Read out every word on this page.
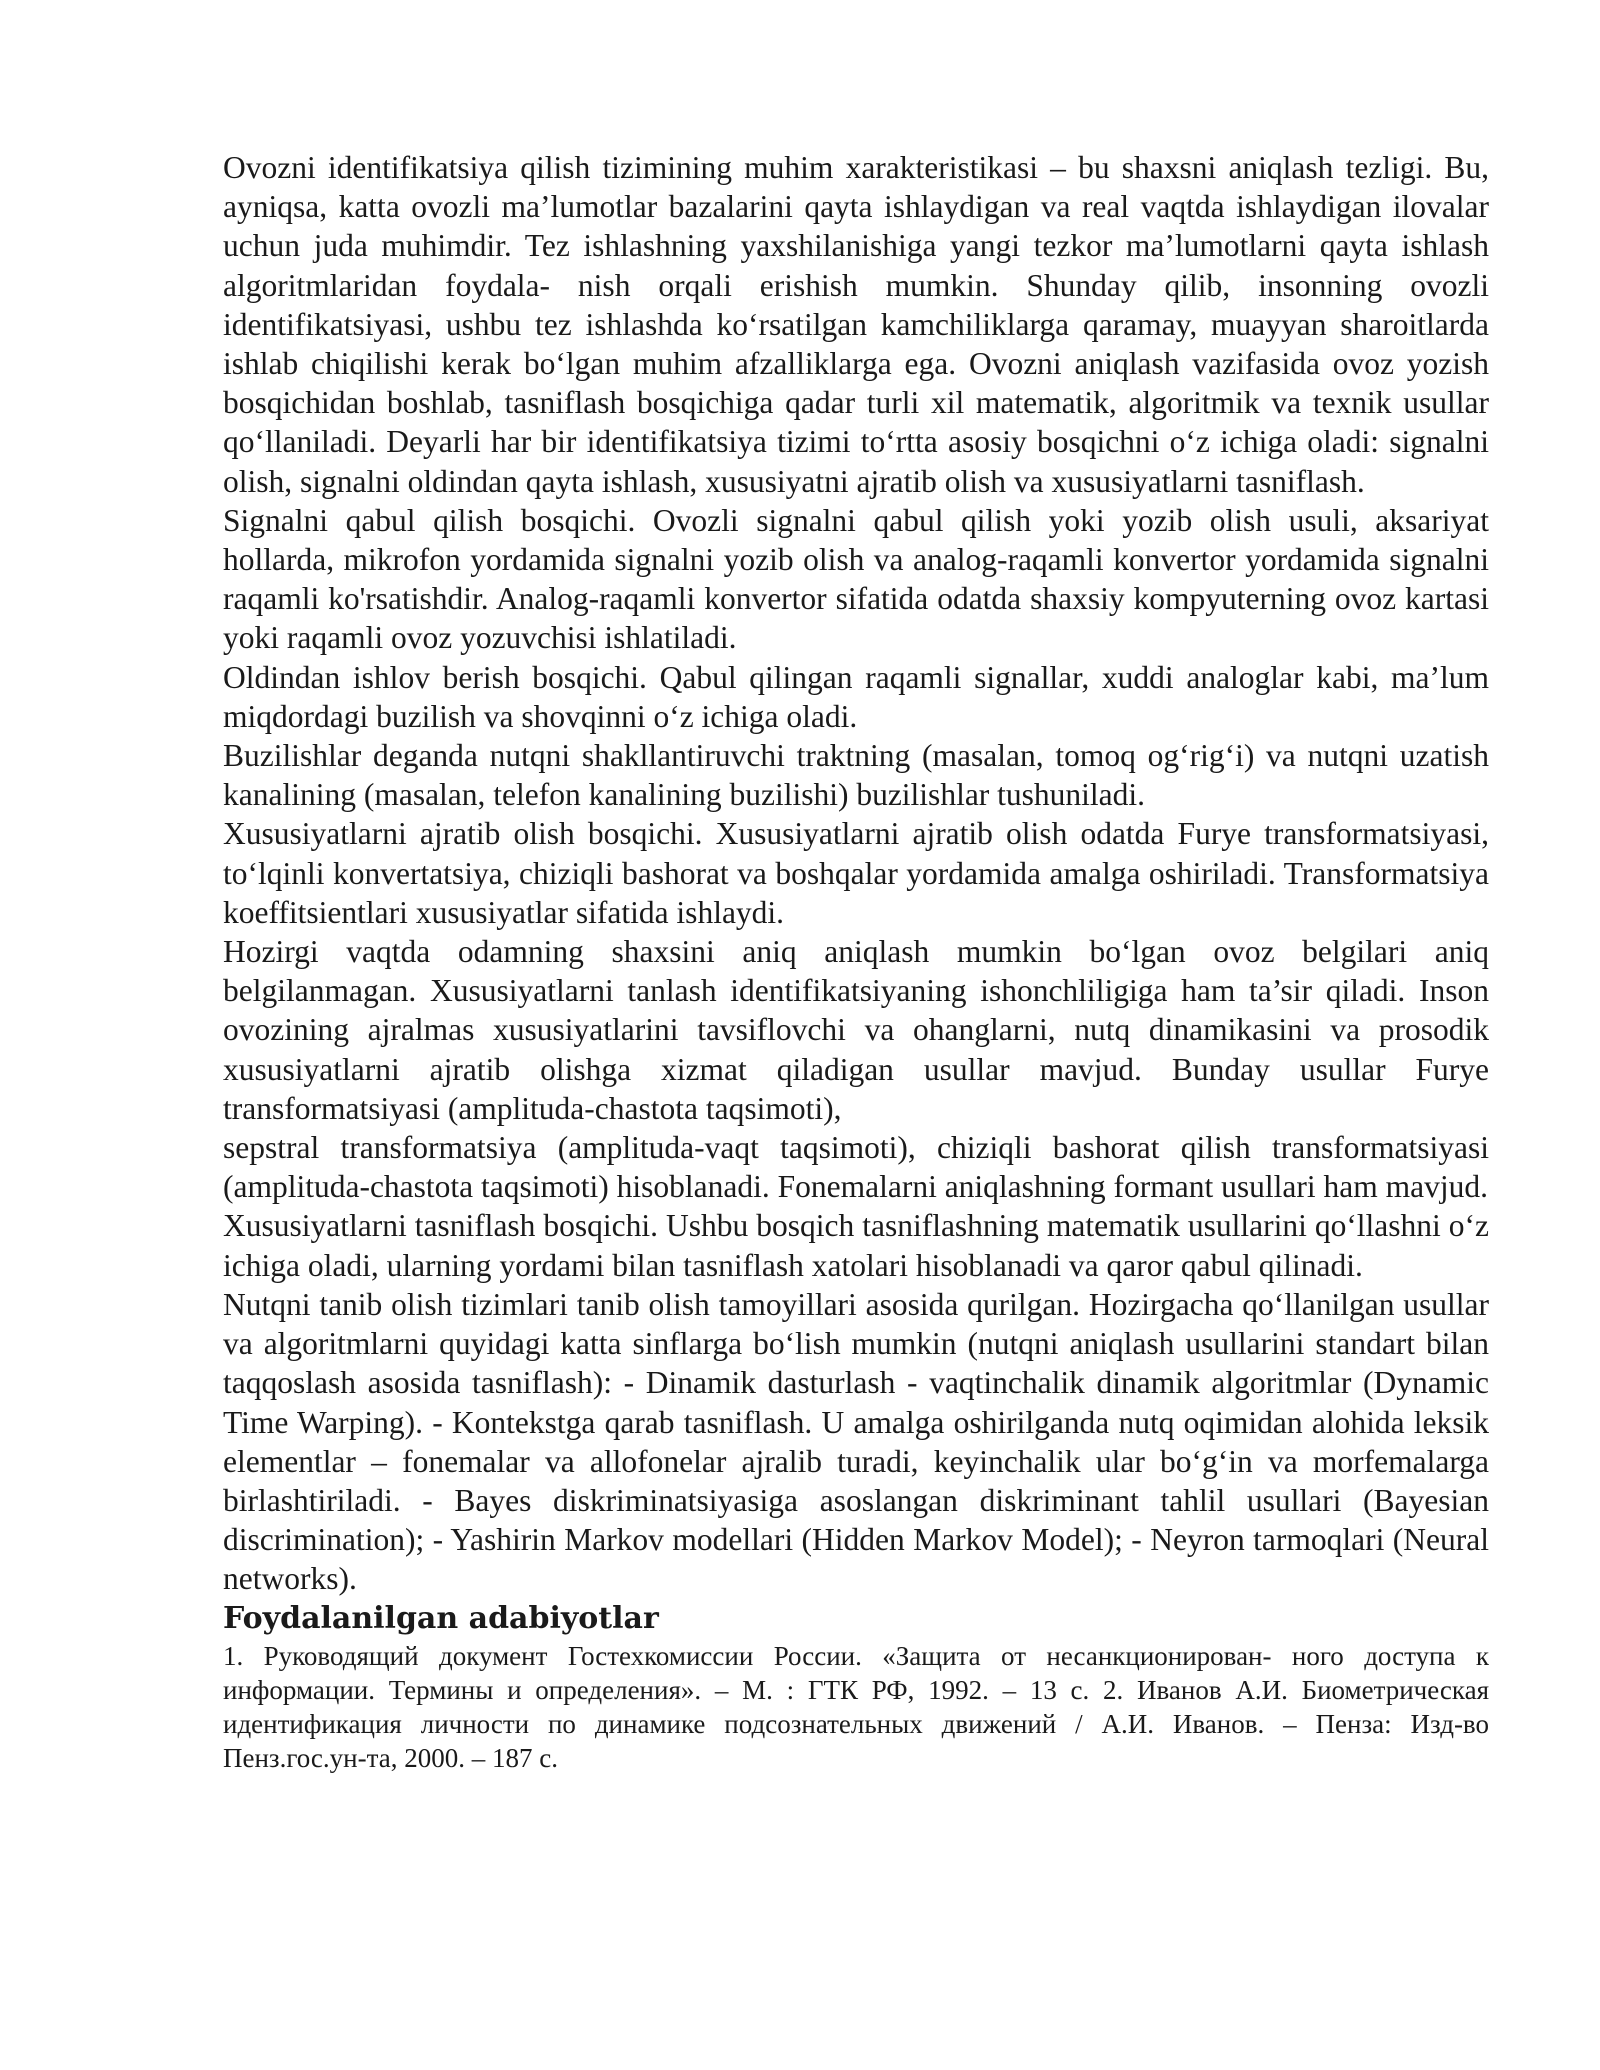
Ovozni identifikatsiya qilish tizimining muhim xarakteristikasi – bu shaxsni aniqlash tezligi. Bu, ayniqsa, katta ovozli ma’lumotlar bazalarini qayta ishlaydigan va real vaqtda ishlaydigan ilovalar uchun juda muhimdir. Tez ishlashning yaxshilanishiga yangi tezkor ma’lumotlarni qayta ishlash algoritmlaridan foydala- nish orqali erishish mumkin. Shunday qilib, insonning ovozli identifikatsiyasi, ushbu tez ishlashda koʻrsatilgan kamchiliklarga qaramay, muayyan sharoitlarda ishlab chiqilishi kerak boʻlgan muhim afzalliklarga ega. Ovozni aniqlash vazifasida ovoz yozish bosqichidan boshlab, tasniflash bosqichiga qadar turli xil matematik, algoritmik va texnik usullar qoʻllaniladi. Deyarli har bir identifikatsiya tizimi toʻrtta asosiy bosqichni oʻz ichiga oladi: signalni olish, signalni oldindan qayta ishlash, xususiyatni ajratib olish va xususiyatlarni tasniflash.

Signalni qabul qilish bosqichi. Ovozli signalni qabul qilish yoki yozib olish usuli, aksariyat hollarda, mikrofon yordamida signalni yozib olish va analog-raqamli konvertor yordamida signalni raqamli ko'rsatishdir. Analog-raqamli konvertor sifatida odatda shaxsiy kompyuterning ovoz kartasi yoki raqamli ovoz yozuvchisi ishlatiladi.

Oldindan ishlov berish bosqichi. Qabul qilingan raqamli signallar, xuddi analoglar kabi, ma’lum miqdordagi buzilish va shovqinni oʻz ichiga oladi.

Buzilishlar deganda nutqni shakllantiruvchi traktning (masalan, tomoq ogʻrigʻi) va nutqni uzatish kanalining (masalan, telefon kanalining buzilishi) buzilishlar tushuniladi.

Xususiyatlarni ajratib olish bosqichi. Xususiyatlarni ajratib olish odatda Furye transformatsiyasi, toʻlqinli konvertatsiya, chiziqli bashorat va boshqalar yordamida amalga oshiriladi. Transformatsiya koeffitsientlari xususiyatlar sifatida ishlaydi.

Hozirgi vaqtda odamning shaxsini aniq aniqlash mumkin boʻlgan ovoz belgilari aniq belgilanmagan. Xususiyatlarni tanlash identifikatsiyaning ishonchliligiga ham ta’sir qiladi. Inson ovozining ajralmas xususiyatlarini tavsiflovchi va ohanglarni, nutq dinamikasini va prosodik xususiyatlarni ajratib olishga xizmat qiladigan usullar mavjud. Bunday usullar Furye transformatsiyasi (amplituda-chastota taqsimoti),

sepstral transformatsiya (amplituda-vaqt taqsimoti), chiziqli bashorat qilish transformatsiyasi (amplituda-chastota taqsimoti) hisoblanadi. Fonemalarni aniqlashning formant usullari ham mavjud.

Xususiyatlarni tasniflash bosqichi. Ushbu bosqich tasniflashning matematik usullarini qoʻllashni oʻz ichiga oladi, ularning yordami bilan tasniflash xatolari hisoblanadi va qaror qabul qilinadi.

Nutqni tanib olish tizimlari tanib olish tamoyillari asosida qurilgan. Hozirgacha qoʻllanilgan usullar va algoritmlarni quyidagi katta sinflarga boʻlish mumkin (nutqni aniqlash usullarini standart bilan taqqoslash asosida tasniflash): - Dinamik dasturlash - vaqtinchalik dinamik algoritmlar (Dynamic Time Warping). - Kontekstga qarab tasniflash. U amalga oshirilganda nutq oqimidan alohida leksik elementlar – fonemalar va allofonelar ajralib turadi, keyinchalik ular boʻgʻin va morfemalarga birlashtiriladi. - Bayes diskriminatsiyasiga asoslangan diskriminant tahlil usullari (Bayesian discrimination); - Yashirin Markov modellari (Hidden Markov Model); - Neyron tarmoqlari (Neural networks).

Foydalanilgan adabiyotlar

1. Руководящий документ Гостехкомиссии России. «Защита от несанкционирован- ного доступа к информации. Термины и определения». – М. : ГТК РФ, 1992. – 13 с. 2. Иванов А.И. Биометрическая идентификация личности по динамике подсознательных движений / А.И. Иванов. – Пенза: Изд-во Пенз.гос.ун-та, 2000. – 187 с.
